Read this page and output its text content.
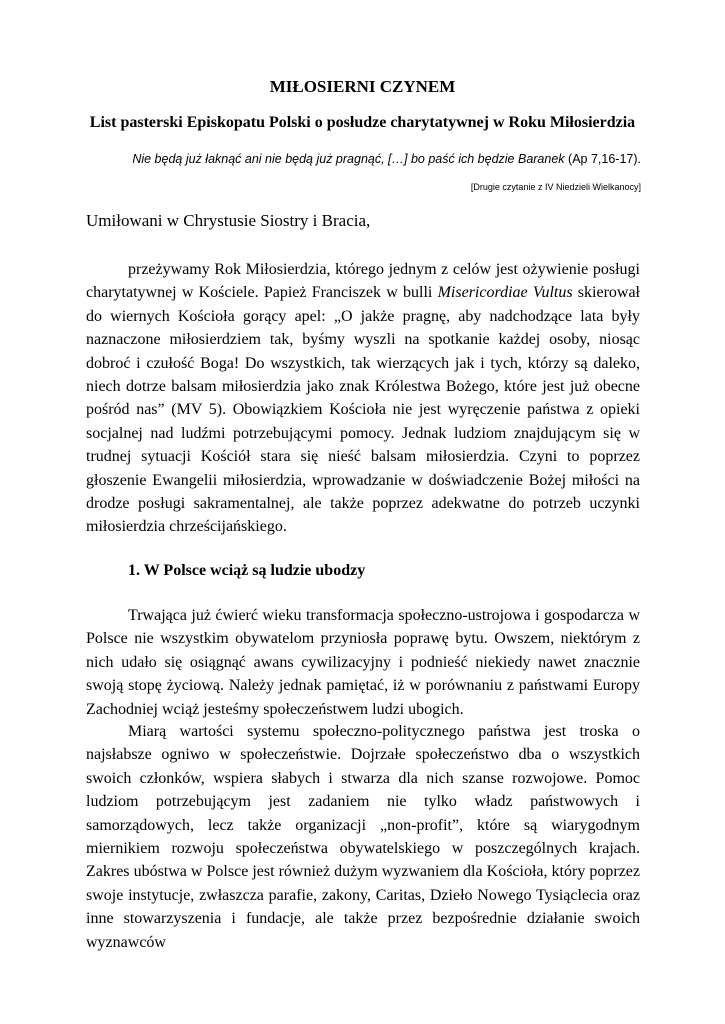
MIŁOSIERNI CZYNEM
List pasterski Episkopatu Polski o posłudze charytatywnej w Roku Miłosierdzia
Nie będą już łaknąć ani nie będą już pragnąć, […] bo paść ich będzie Baranek (Ap 7,16-17).
[Drugie czytanie z IV Niedzieli Wielkanocy]
Umiłowani w Chrystusie Siostry i Bracia,
przeżywamy Rok Miłosierdzia, którego jednym z celów jest ożywienie posługi charytatywnej w Kościele. Papież Franciszek w bulli Misericordiae Vultus skierował do wiernych Kościoła gorący apel: „O jakże pragnę, aby nadchodzące lata były naznaczone miłosierdziem tak, byśmy wyszli na spotkanie każdej osoby, niosąc dobroć i czułość Boga! Do wszystkich, tak wierzących jak i tych, którzy są daleko, niech dotrze balsam miłosierdzia jako znak Królestwa Bożego, które jest już obecne pośród nas” (MV 5). Obowiązkiem Kościoła nie jest wyręczenie państwa z opieki socjalnej nad ludźmi potrzebującymi pomocy. Jednak ludziom znajdującym się w trudnej sytuacji Kościół stara się nieść balsam miłosierdzia. Czyni to poprzez głoszenie Ewangelii miłosierdzia, wprowadzanie w doświadczenie Bożej miłości na drodze posługi sakramentalnej, ale także poprzez adekwatne do potrzeb uczynki miłosierdzia chrześcijańskiego.
1. W Polsce wciąż są ludzie ubodzy
Trwająca już ćwierć wieku transformacja społeczno-ustrojowa i gospodarcza w Polsce nie wszystkim obywatelom przyniosła poprawę bytu. Owszem, niektórym z nich udało się osiągnąć awans cywilizacyjny i podnieść niekiedy nawet znacznie swoją stopę życiową. Należy jednak pamiętać, iż w porównaniu z państwami Europy Zachodniej wciąż jesteśmy społeczeństwem ludzi ubogich.
Miarą wartości systemu społeczno-politycznego państwa jest troska o najsłabsze ogniwo w społeczeństwie. Dojrzałe społeczeństwo dba o wszystkich swoich członków, wspiera słabych i stwarza dla nich szanse rozwojowe. Pomoc ludziom potrzebującym jest zadaniem nie tylko władz państwowych i samorządowych, lecz także organizacji „non-profit”, które są wiarygodnym miernikiem rozwoju społeczeństwa obywatelskiego w poszczególnych krajach. Zakres ubóstwa w Polsce jest również dużym wyzwaniem dla Kościoła, który poprzez swoje instytucje, zwłaszcza parafie, zakony, Caritas, Dzieło Nowego Tysiąclecia oraz inne stowarzyszenia i fundacje, ale także przez bezpośrednie działanie swoich wyznawców
